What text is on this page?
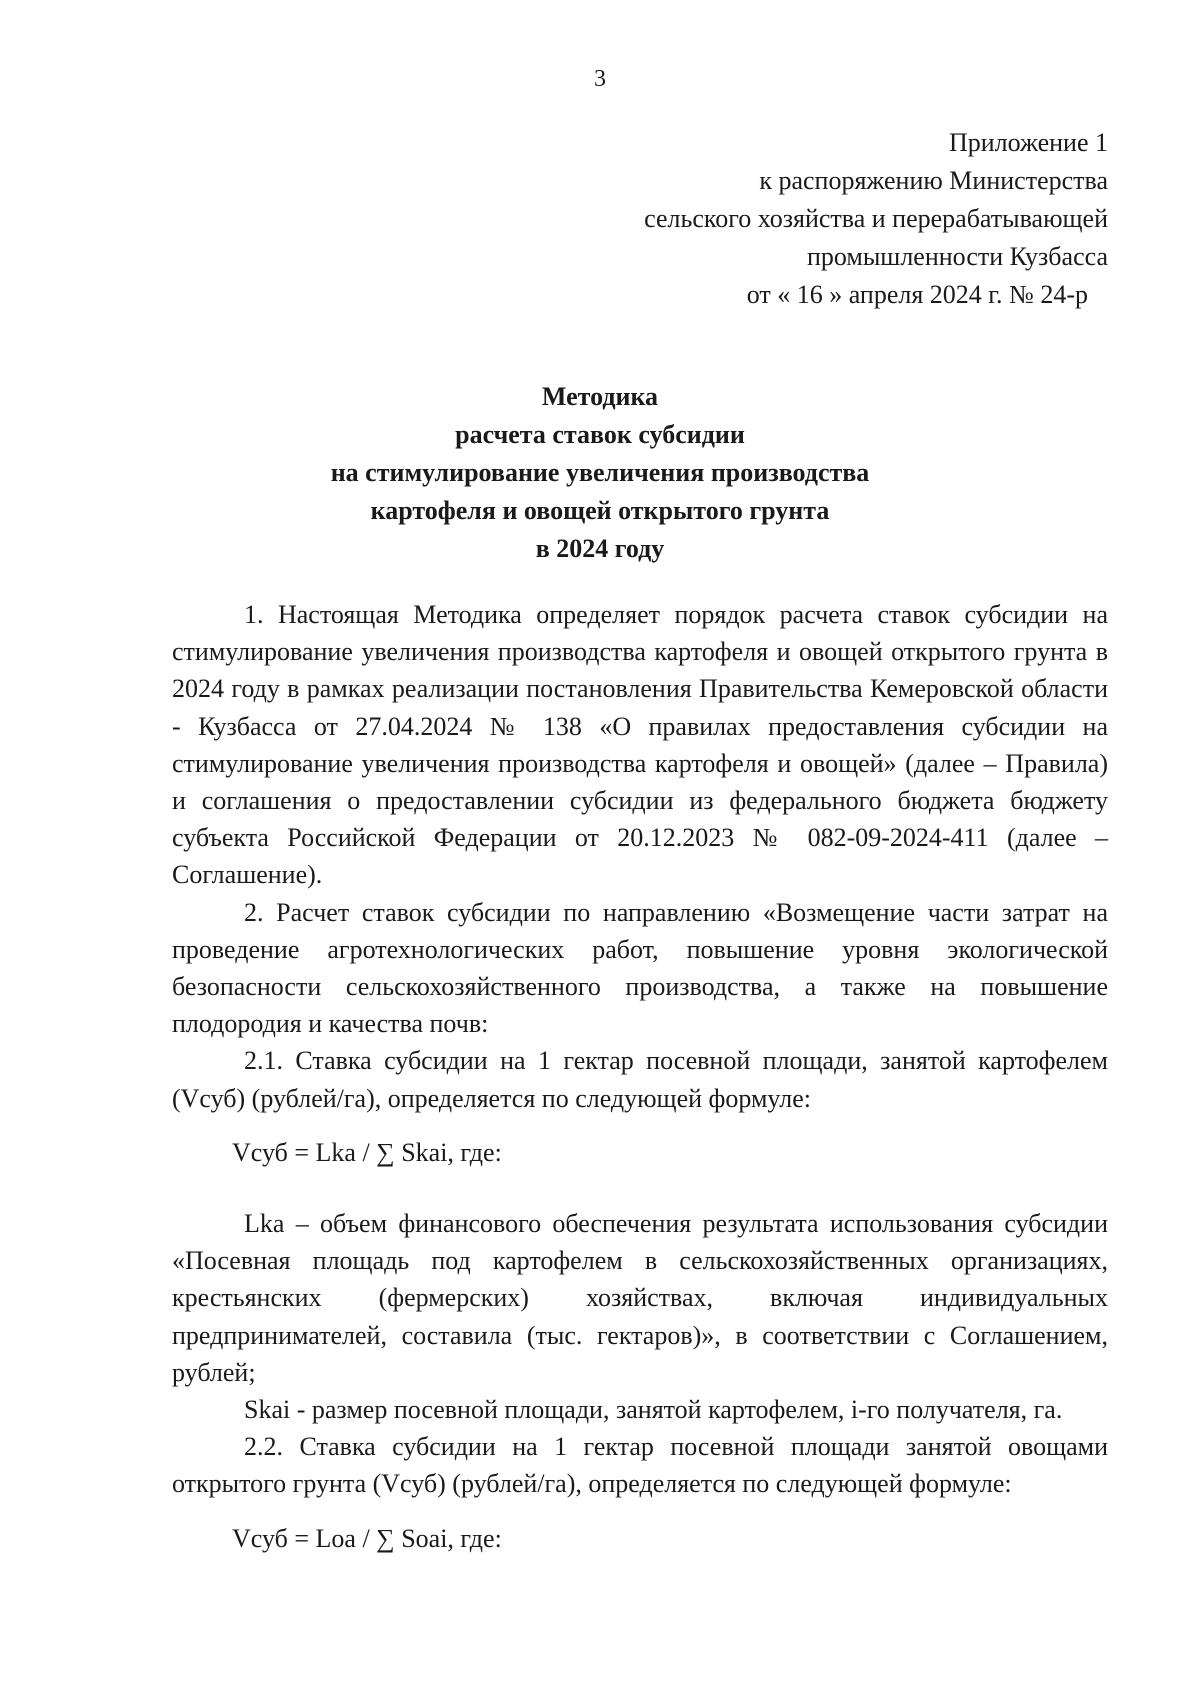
3
Приложение 1
к распоряжению Министерства
сельского хозяйства и перерабатывающей
промышленности Кузбасса
от « 16 » апреля 2024 г. № 24-р
Методика
расчета ставок субсидии
на стимулирование увеличения производства
картофеля и овощей открытого грунта
в 2024 году

1. Настоящая Методика определяет порядок расчета ставок субсидии на стимулирование увеличения производства картофеля и овощей открытого грунта в 2024 году в рамках реализации постановления Правительства Кемеровской области - Кузбасса от 27.04.2024 № 138 «О правилах предоставления субсидии на стимулирование увеличения производства картофеля и овощей» (далее – Правила) и соглашения о предоставлении субсидии из федерального бюджета бюджету субъекта Российской Федерации от 20.12.2023 № 082-09-2024-411 (далее – Соглашение).

2. Расчет ставок субсидии по направлению «Возмещение части затрат на проведение агротехнологических работ, повышение уровня экологической безопасности сельскохозяйственного производства, а также на повышение плодородия и качества почв:

2.1. Ставка субсидии на 1 гектар посевной площади, занятой картофелем (Vсуб) (рублей/га), определяется по следующей формуле:

Vсуб = Lka / ∑ Skai, где:

Lka – объем финансового обеспечения результата использования субсидии «Посевная площадь под картофелем в сельскохозяйственных организациях, крестьянских (фермерских) хозяйствах, включая индивидуальных предпринимателей, составила (тыс. гектаров)», в соответствии с Соглашением, рублей;

Skai - размер посевной площади, занятой картофелем, i-го получателя, га.

2.2. Ставка субсидии на 1 гектар посевной площади занятой овощами открытого грунта (Vсуб) (рублей/га), определяется по следующей формуле:

Vсуб = Loa / ∑ Soai, где:
